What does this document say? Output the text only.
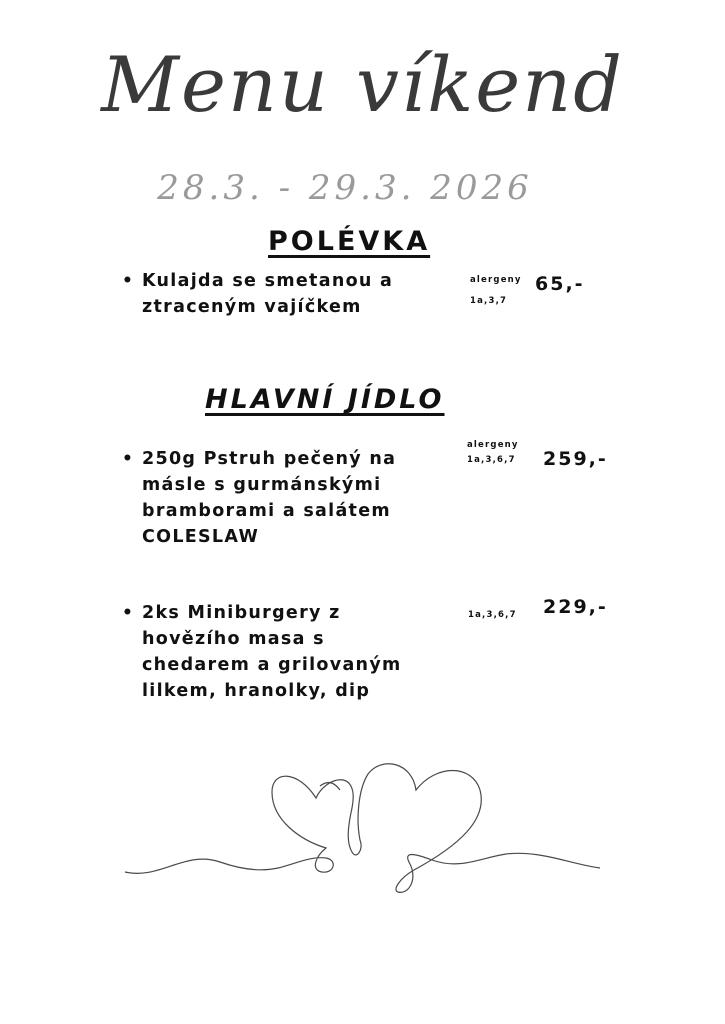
Menu víkend
28.3. - 29.3. 2026
POLÉVKA
• Kulajda se smetanou a
ztraceným vajíčkem
alergeny
1a,3,7
65,-
HLAVNÍ JÍDLO
• 250g Pstruh pečený na
másle s gurmánskými
bramborami a salátem
COLESLAW
alergeny
1a,3,6,7 259,-
• 2ks Miniburgery z
hovězího masa s
chedarem a grilovaným
lilkem, hranolky, dip
1a,3,6,7 229,-
